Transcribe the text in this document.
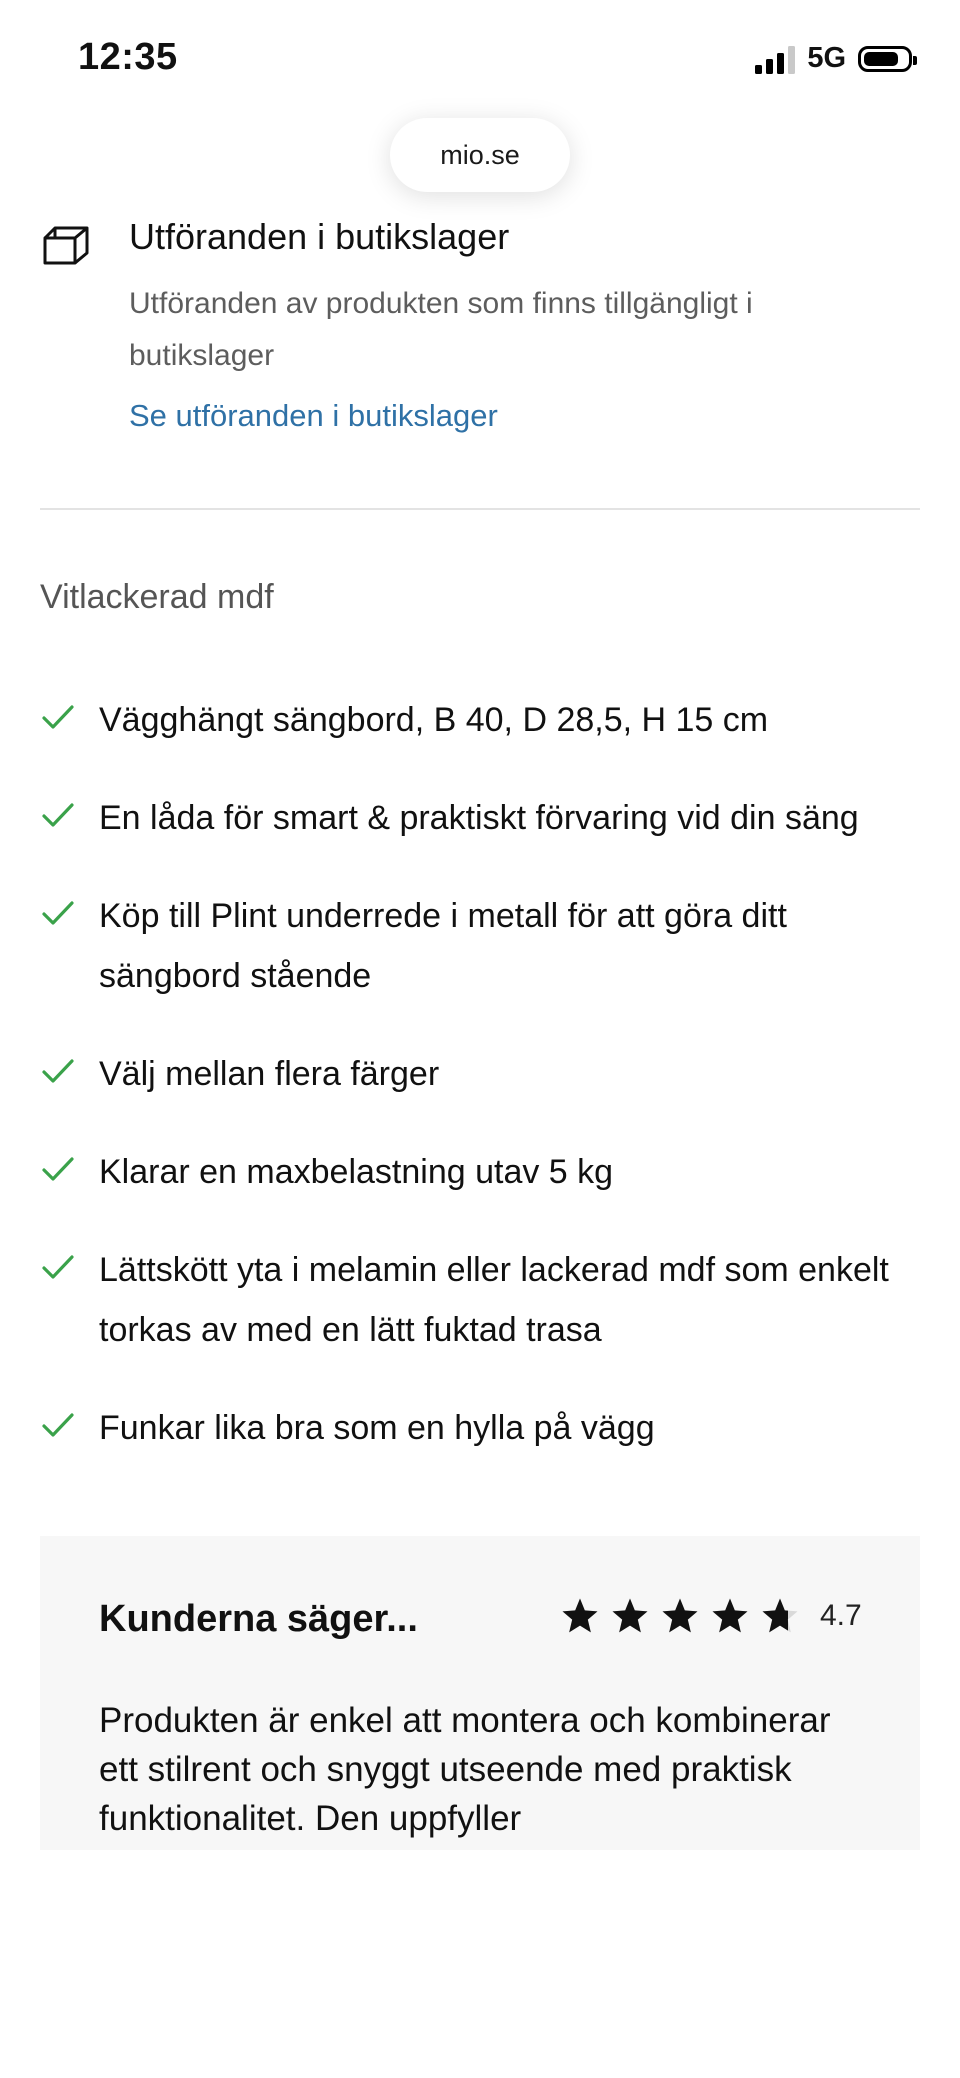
12:35	5G
mio.se
Utföranden i butikslager
Utföranden av produkten som finns tillgängligt i butikslager
Se utföranden i butikslager
Vitlackerad mdf
Vägghängt sängbord, B 40, D 28,5, H 15 cm
En låda för smart & praktiskt förvaring vid din säng
Köp till Plint underrede i metall för att göra ditt sängbord stående
Välj mellan flera färger
Klarar en maxbelastning utav 5 kg
Lättskött yta i melamin eller lackerad mdf som enkelt torkas av med en lätt fuktad trasa
Funkar lika bra som en hylla på vägg
Kunderna säger...	4.7

Produkten är enkel att montera och kombinerar ett stilrent och snyggt utseende med praktisk funktionalitet. Den uppfyller
